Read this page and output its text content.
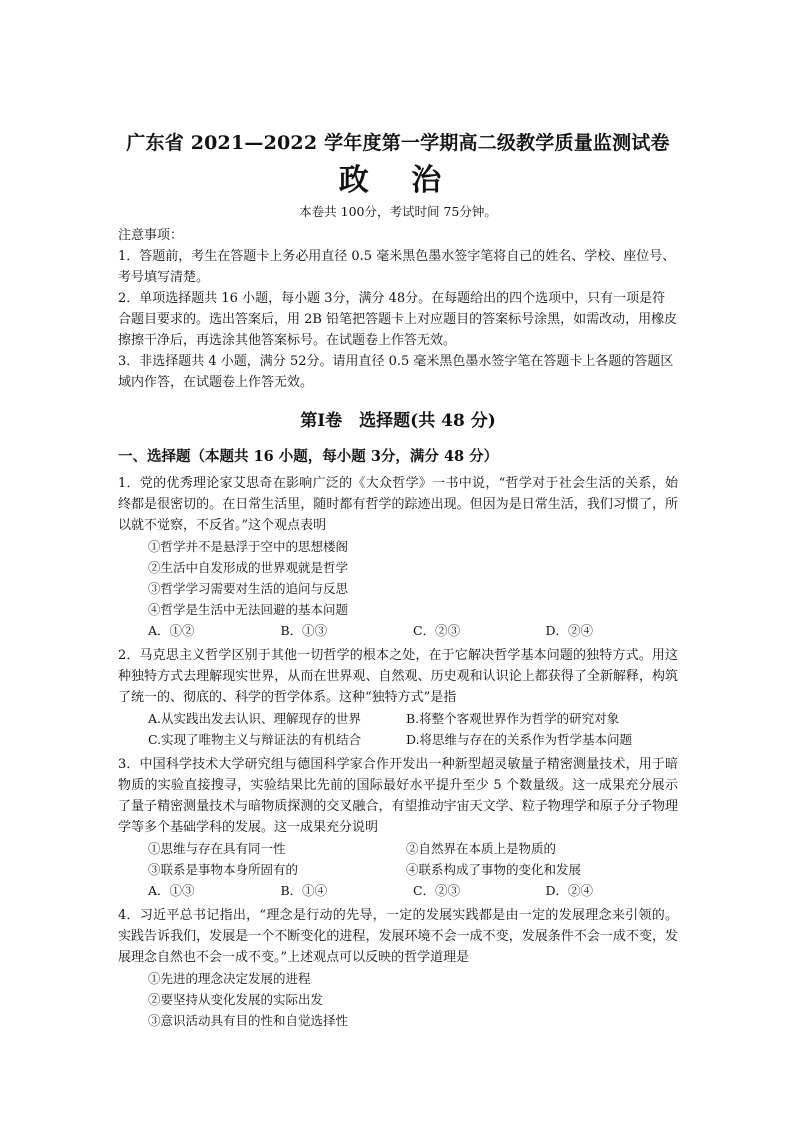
广东省 2021—2022 学年度第一学期高二级教学质量监测试卷
政 治
本卷共 100分，考试时间 75分钟。

注意事项：

1．答题前，考生在答题卡上务必用直径 0.5 毫米黑色墨水签字笔将自己的姓名、学校、座位号、考号填写清楚。

2．单项选择题共 16 小题，每小题 3分，满分 48分。在每题给出的四个选项中，只有一项是符合题目要求的。选出答案后，用 2B 铅笔把答题卡上对应题目的答案标号涂黑，如需改动，用橡皮擦擦干净后，再选涂其他答案标号。在试题卷上作答无效。

3．非选择题共 4 小题，满分 52分。请用直径 0.5 毫米黑色墨水签字笔在答题卡上各题的答题区域内作答，在试题卷上作答无效。

第Ⅰ卷　选择题(共 48 分)
一、选择题（本题共 16 小题，每小题 3分，满分 48 分）

1．党的优秀理论家艾思奇在影响广泛的《大众哲学》一书中说，“哲学对于社会生活的关系，始终都是很密切的。在日常生活里，随时都有哲学的踪迹出现。但因为是日常生活，我们习惯了，所以就不觉察，不反省。”这个观点表明

①哲学并不是悬浮于空中的思想楼阁

②生活中自发形成的世界观就是哲学

③哲学学习需要对生活的追问与反思

④哲学是生活中无法回避的基本问题

A．①②	B．①③	C．②③	D．②④

2．马克思主义哲学区别于其他一切哲学的根本之处，在于它解决哲学基本问题的独特方式。用这种独特方式去理解现实世界，从而在世界观、自然观、历史观和认识论上都获得了全新解释，构筑了统一的、彻底的、科学的哲学体系。这种“独特方式”是指

A.从实践出发去认识、理解现存的世界	B.将整个客观世界作为哲学的研究对象
C.实现了唯物主义与辩证法的有机结合	D.将思维与存在的关系作为哲学基本问题

3．中国科学技术大学研究组与德国科学家合作开发出一种新型超灵敏量子精密测量技术，用于暗物质的实验直接搜寻，实验结果比先前的国际最好水平提升至少 5 个数量级。这一成果充分展示了量子精密测量技术与暗物质探测的交叉融合，有望推动宇宙天文学、粒子物理学和原子分子物理学等多个基础学科的发展。这一成果充分说明

①思维与存在具有同一性	②自然界在本质上是物质的
③联系是事物本身所固有的	④联系构成了事物的变化和发展
A．①③	B．①④	C．②③	D．②④

4．习近平总书记指出，“理念是行动的先导，一定的发展实践都是由一定的发展理念来引领的。实践告诉我们，发展是一个不断变化的进程，发展环境不会一成不变，发展条件不会一成不变，发展理念自然也不会一成不变。”上述观点可以反映的哲学道理是

①先进的理念决定发展的进程

②要坚持从变化发展的实际出发

③意识活动具有目的性和自觉选择性
